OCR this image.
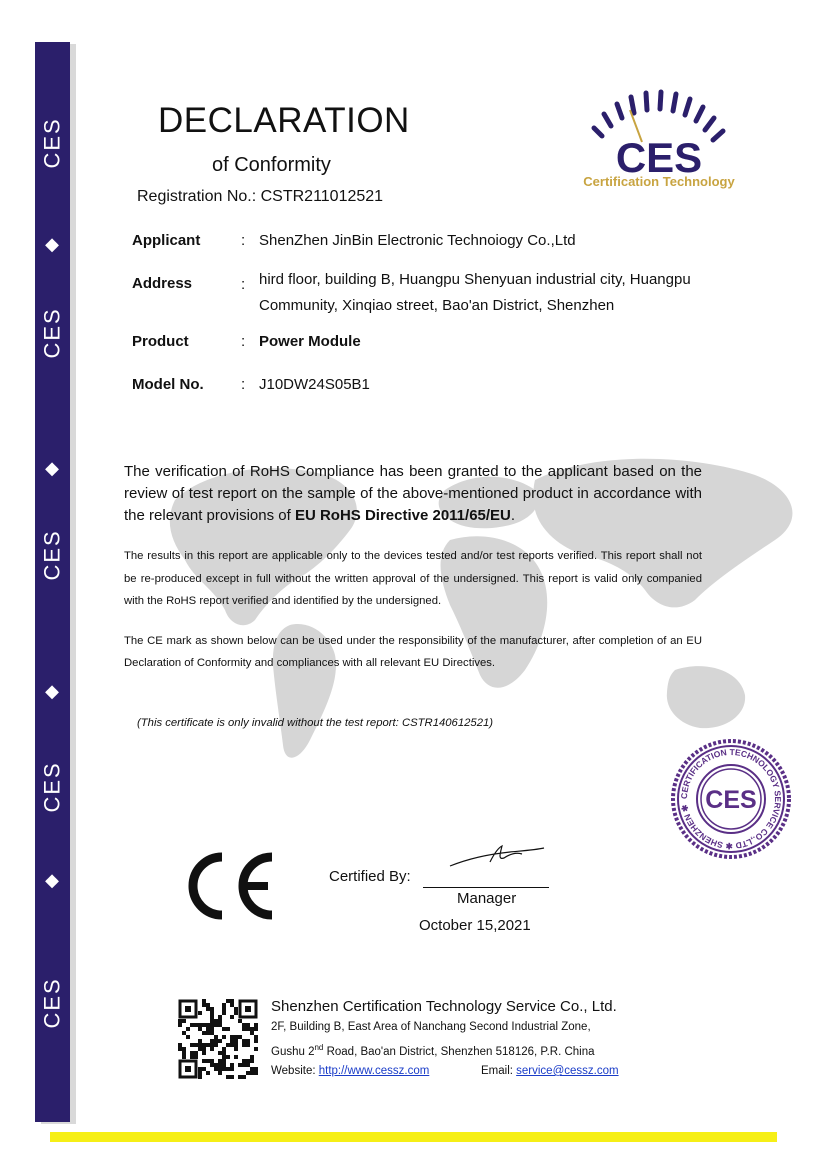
CES
◆
CES
◆
CES
◆
CES
◆
CES
CES
Certification Technology
DECLARATION
of Conformity
Registration No.: CSTR211012521
Applicant	: ShenZhen JinBin Electronic Technoiogy Co.,Ltd
Address	: hird floor, building B, Huangpu Shenyuan industrial city, Huangpu
Community, Xinqiao street, Bao'an District, Shenzhen
Product	: Power Module
Model No. : J10DW24S05B1
The verification of RoHS Compliance has been granted to the applicant based on the review of test report on the sample of the above-mentioned product in accordance with the relevant provisions of EU RoHS Directive 2011/65/EU.
The results in this report are applicable only to the devices tested and/or test reports verified. This report shall not be re-produced except in full without the written approval of the undersigned. This report is valid only companied with the RoHS report verified and identified by the undersigned.
The CE mark as shown below can be used under the responsibility of the manufacturer, after completion of an EU Declaration of Conformity and compliances with all relevant EU Directives.
(This certificate is only invalid without the test report: CSTR140612521)
CERTIFICATION TECHNOLOGY SERVICE CO.,LTD ✱ SHENZHEN ✱ CES
Certified By:
Manager
October 15,2021
Shenzhen Certification Technology Service Co., Ltd.
2F, Building B, East Area of Nanchang Second Industrial Zone,
Gushu 2nd Road, Bao'an District, Shenzhen 518126, P.R. China
Website: http://www.cessz.com	Email: service@cessz.com
